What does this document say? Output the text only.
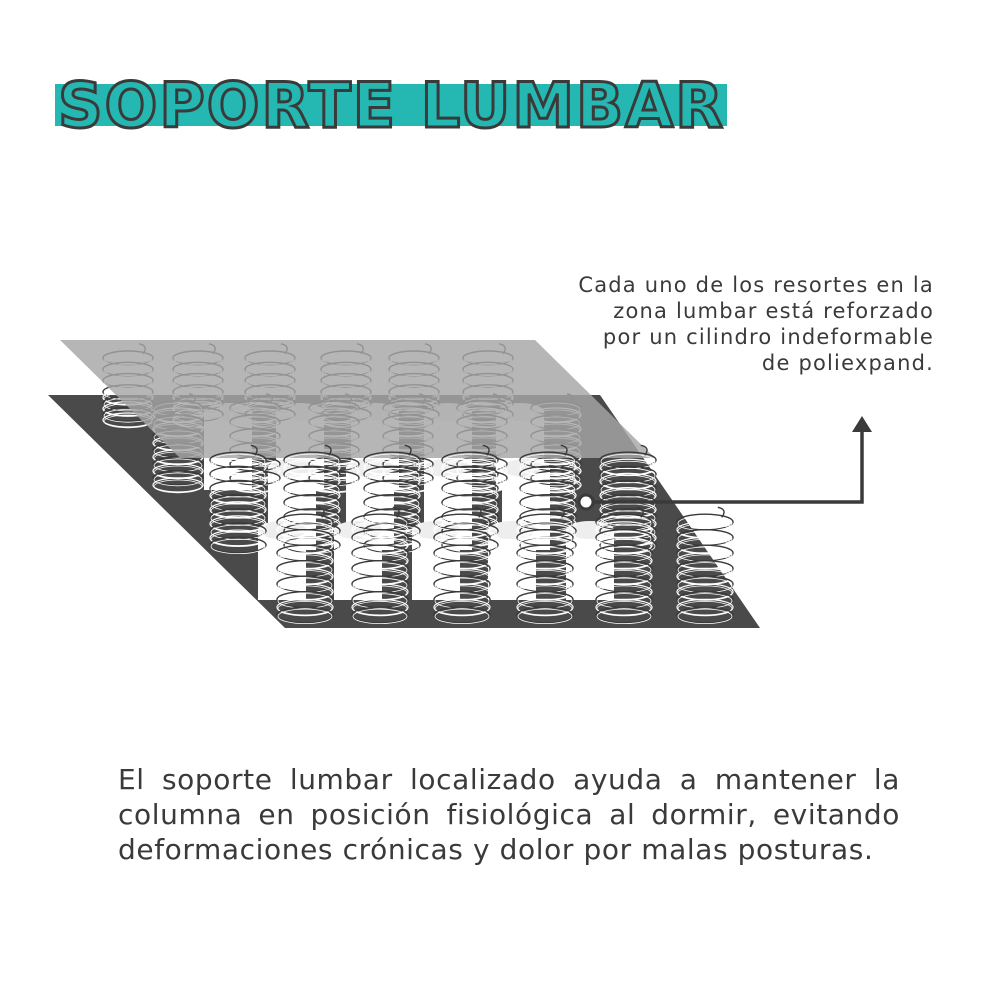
SOPORTE LUMBAR

Cada uno de los resortes en la zona lumbar está reforzado por un cilindro indeformable de poliexpand.

El soporte lumbar localizado ayuda a mantener la columna en posición fisiológica al dormir, evitando deformaciones crónicas y dolor por malas posturas.
